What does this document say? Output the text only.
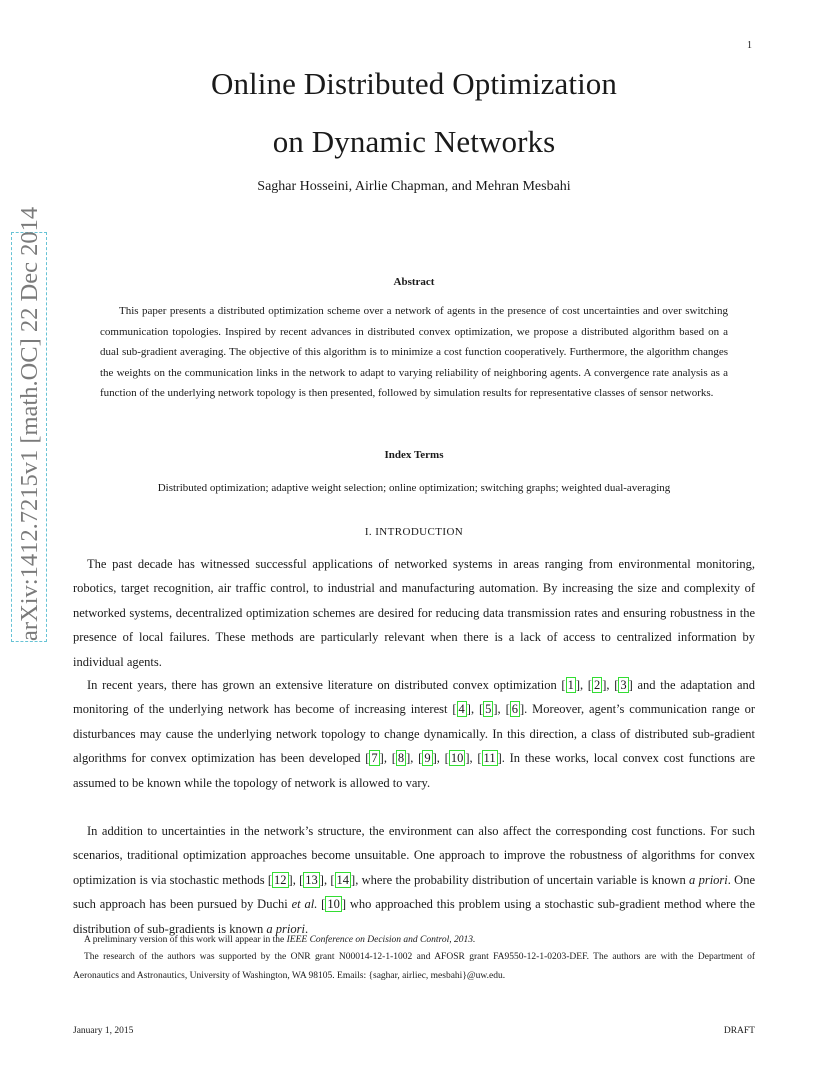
1
arXiv:1412.7215v1 [math.OC] 22 Dec 2014
Online Distributed Optimization
on Dynamic Networks
Saghar Hosseini, Airlie Chapman, and Mehran Mesbahi
Abstract

This paper presents a distributed optimization scheme over a network of agents in the presence of cost uncertainties and over switching communication topologies. Inspired by recent advances in distributed convex optimization, we propose a distributed algorithm based on a dual sub-gradient averaging. The objective of this algorithm is to minimize a cost function cooperatively. Furthermore, the algorithm changes the weights on the communication links in the network to adapt to varying reliability of neighboring agents. A convergence rate analysis as a function of the underlying network topology is then presented, followed by simulation results for representative classes of sensor networks.

Index Terms
Distributed optimization; adaptive weight selection; online optimization; switching graphs; weighted dual-averaging
I. INTRODUCTION

The past decade has witnessed successful applications of networked systems in areas ranging from environmental monitoring, robotics, target recognition, air traffic control, to industrial and manufacturing automation. By increasing the size and complexity of networked systems, decentralized optimization schemes are desired for reducing data transmission rates and ensuring robustness in the presence of local failures. These methods are particularly relevant when there is a lack of access to centralized information by individual agents.

In recent years, there has grown an extensive literature on distributed convex optimization [ 1 ], [ 2 ], [ 3 ] and the adaptation and monitoring of the underlying network has become of increasing interest [ 4 ], [ 5 ], [ 6 ]. Moreover, agent’s communication range or disturbances may cause the underlying network topology to change dynamically. In this direction, a class of distributed sub-gradient algorithms for convex optimization has been developed [ 7 ], [ 8 ], [ 9 ], [ 10 ], [ 11 ]. In these works, local convex cost functions are assumed to be known while the topology of network is allowed to vary.

In addition to uncertainties in the network’s structure, the environment can also affect the corresponding cost functions. For such scenarios, traditional optimization approaches become unsuitable. One approach to improve the robustness of algorithms for convex optimization is via stochastic methods [ 12 ], [ 13 ], [ 14 ], where the probability distribution of uncertain variable is known a priori. One such approach has been pursued by Duchi et al. [ 10 ] who approached this problem using a stochastic sub-gradient method where the distribution of sub-gradients is known a priori.

A preliminary version of this work will appear in the IEEE Conference on Decision and Control, 2013.

The research of the authors was supported by the ONR grant N00014-12-1-1002 and AFOSR grant FA9550-12-1-0203-DEF. The authors are with the Department of Aeronautics and Astronautics, University of Washington, WA 98105. Emails: {saghar, airliec, mesbahi}@uw.edu.

January 1, 2015	DRAFT
